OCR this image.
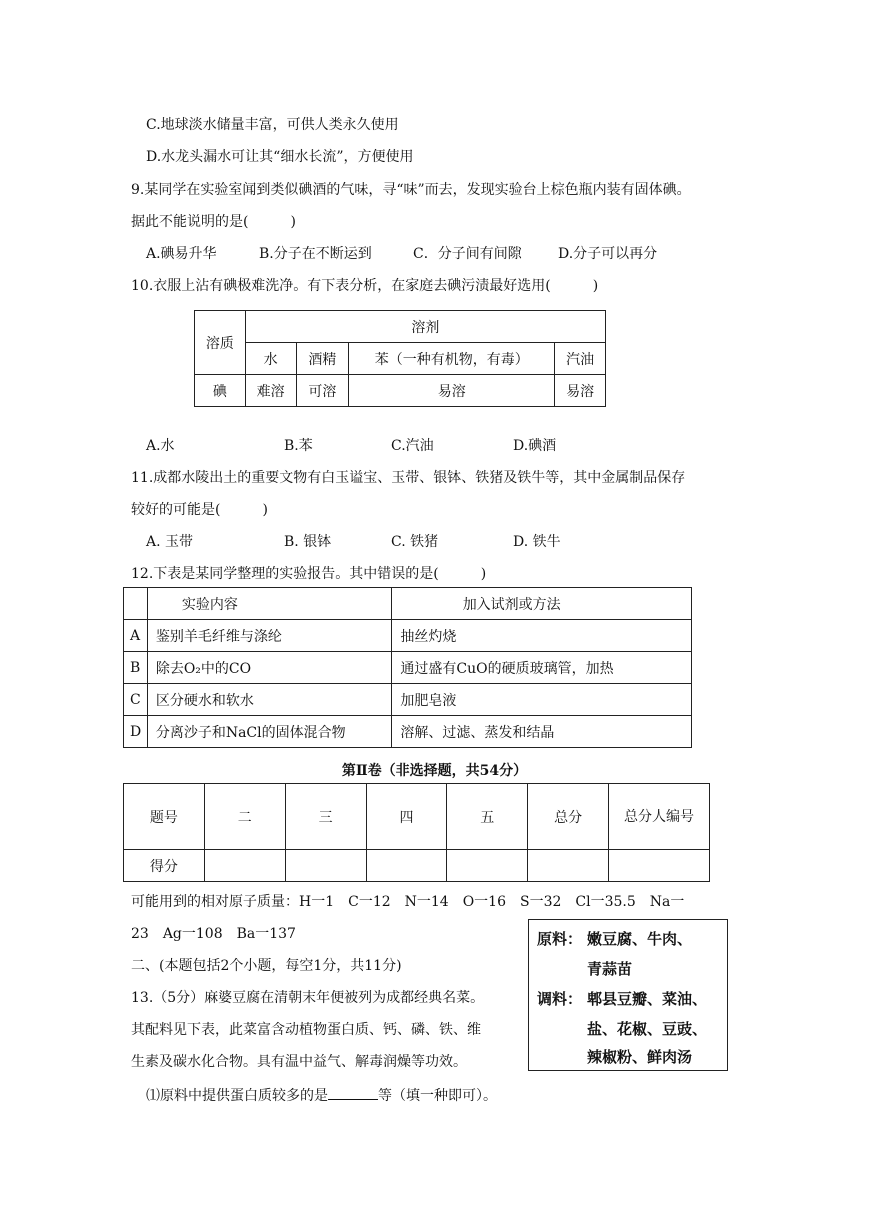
C.地球淡水储量丰富，可供人类永久使用
D.水龙头漏水可让其“细水长流”，方便使用
9.某同学在实验室闻到类似碘酒的气味，寻“味”而去，发现实验台上棕色瓶内装有固体碘。
据此不能说明的是(　　　)
A.碘易升华	B.分子在不断运到	C．分子间有间隙	D.分子可以再分
10.衣服上沾有碘极难洗净。有下表分析，在家庭去碘污渍最好选用(　　　)
溶质	溶剂			
	水	酒精	苯（一种有机物，有毒）	汽油
碘	难溶	可溶	易溶	易溶
A.水	B.苯	C.汽油	D.碘酒
11.成都水陵出土的重要文物有白玉谥宝、玉带、银钵、铁猪及铁牛等，其中金属制品保存
较好的可能是(　　　)
A. 玉带	B. 银钵	C. 铁猪	D. 铁牛
12.下表是某同学整理的实验报告。其中错误的是(　　　)
	实验内容	加入试剂或方法
A	鉴别羊毛纤维与涤纶	抽丝灼烧
B	除去O₂中的CO	通过盛有CuO的硬质玻璃管，加热
C	区分硬水和软水	加肥皂液
D	分离沙子和NaCl的固体混合物	溶解、过滤、蒸发和结晶
第Ⅱ卷（非选择题，共54分）
题号	二	三	四	五	总分	总分人编号
得分						
可能用到的相对原子质量：H一1　C一12　N一14　O一16　S一32　Cl一35.5　Na一
23　Ag一108　Ba一137
二、(本题包括2个小题，每空1分，共11分)
13.（5分）麻婆豆腐在清朝末年便被列为成都经典名菜。
其配料见下表，此菜富含动植物蛋白质、钙、磷、铁、维
生素及碳水化合物。具有温中益气、解毒润燥等功效。
原料： 嫩豆腐、牛肉、
青蒜苗
调料： 郫县豆瓣、菜油、
盐、花椒、豆豉、
辣椒粉、鲜肉汤
⑴原料中提供蛋白质较多的是	等（填一种即可）。
